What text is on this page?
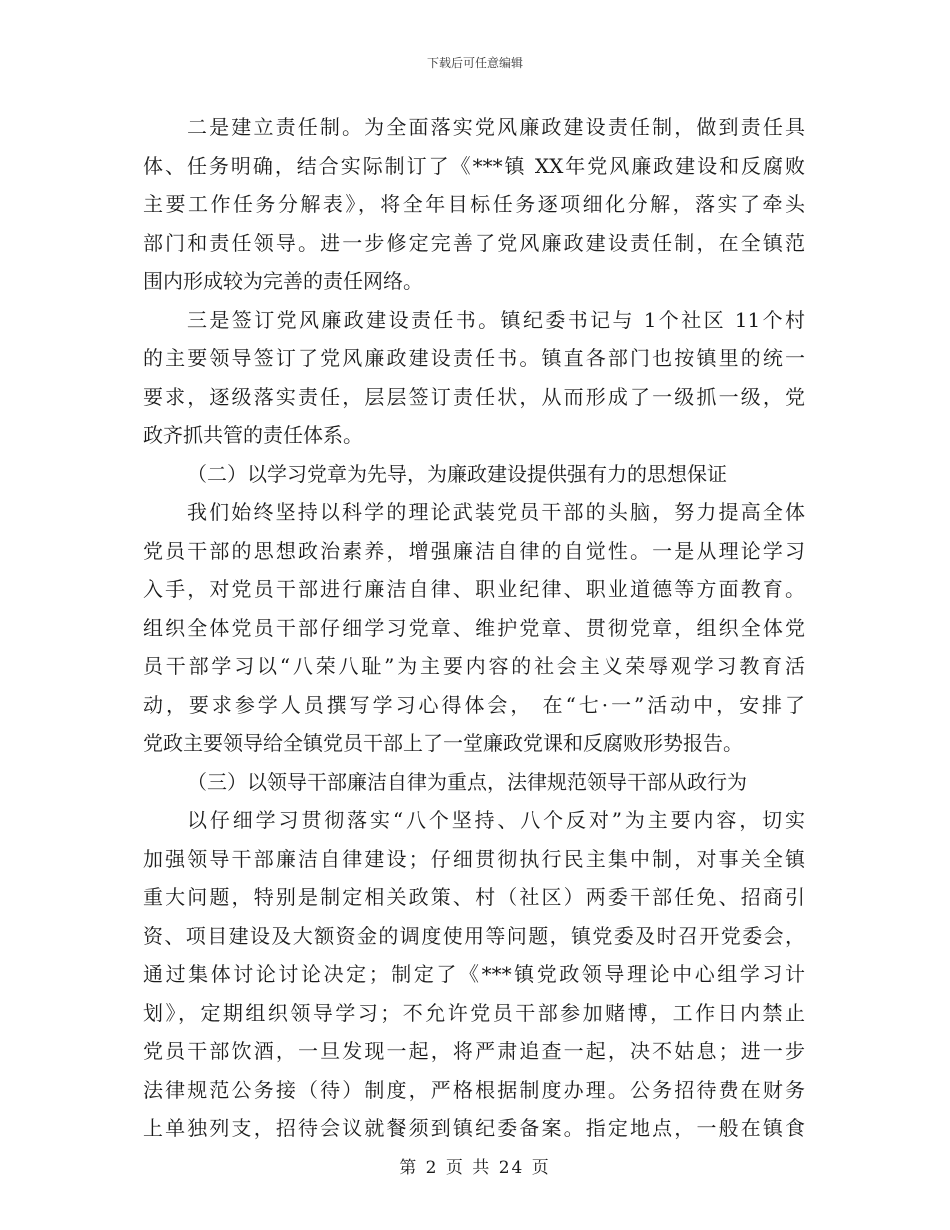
下载后可任意编辑
二是建立责任制。为全面落实党风廉政建设责任制，做到责任具
体、任务明确，结合实际制订了《***镇 XX年党风廉政建设和反腐败
主要工作任务分解表》，将全年目标任务逐项细化分解，落实了牵头
部门和责任领导。进一步修定完善了党风廉政建设责任制，在全镇范
围内形成较为完善的责任网络。
三是签订党风廉政建设责任书。镇纪委书记与 1个社区 11个村
的主要领导签订了党风廉政建设责任书。镇直各部门也按镇里的统一
要求，逐级落实责任，层层签订责任状，从而形成了一级抓一级，党
政齐抓共管的责任体系。
（二）以学习党章为先导，为廉政建设提供强有力的思想保证
我们始终坚持以科学的理论武装党员干部的头脑，努力提高全体
党员干部的思想政治素养，增强廉洁自律的自觉性。一是从理论学习
入手，对党员干部进行廉洁自律、职业纪律、职业道德等方面教育。
组织全体党员干部仔细学习党章、维护党章、贯彻党章，组织全体党
员干部学习以“八荣八耻”为主要内容的社会主义荣辱观学习教育活
动，要求参学人员撰写学习心得体会， 在“七·一”活动中，安排了
党政主要领导给全镇党员干部上了一堂廉政党课和反腐败形势报告。
（三）以领导干部廉洁自律为重点，法律规范领导干部从政行为
以仔细学习贯彻落实“八个坚持、八个反对”为主要内容，切实
加强领导干部廉洁自律建设；仔细贯彻执行民主集中制，对事关全镇
重大问题，特别是制定相关政策、村（社区）两委干部任免、招商引
资、项目建设及大额资金的调度使用等问题，镇党委及时召开党委会，
通过集体讨论讨论决定；制定了《***镇党政领导理论中心组学习计
划》，定期组织领导学习；不允许党员干部参加赌博，工作日内禁止
党员干部饮酒，一旦发现一起，将严肃追查一起，决不姑息；进一步
法律规范公务接（待）制度，严格根据制度办理。公务招待费在财务
上单独列支，招待会议就餐须到镇纪委备案。指定地点，一般在镇食
第 2 页 共 24 页
